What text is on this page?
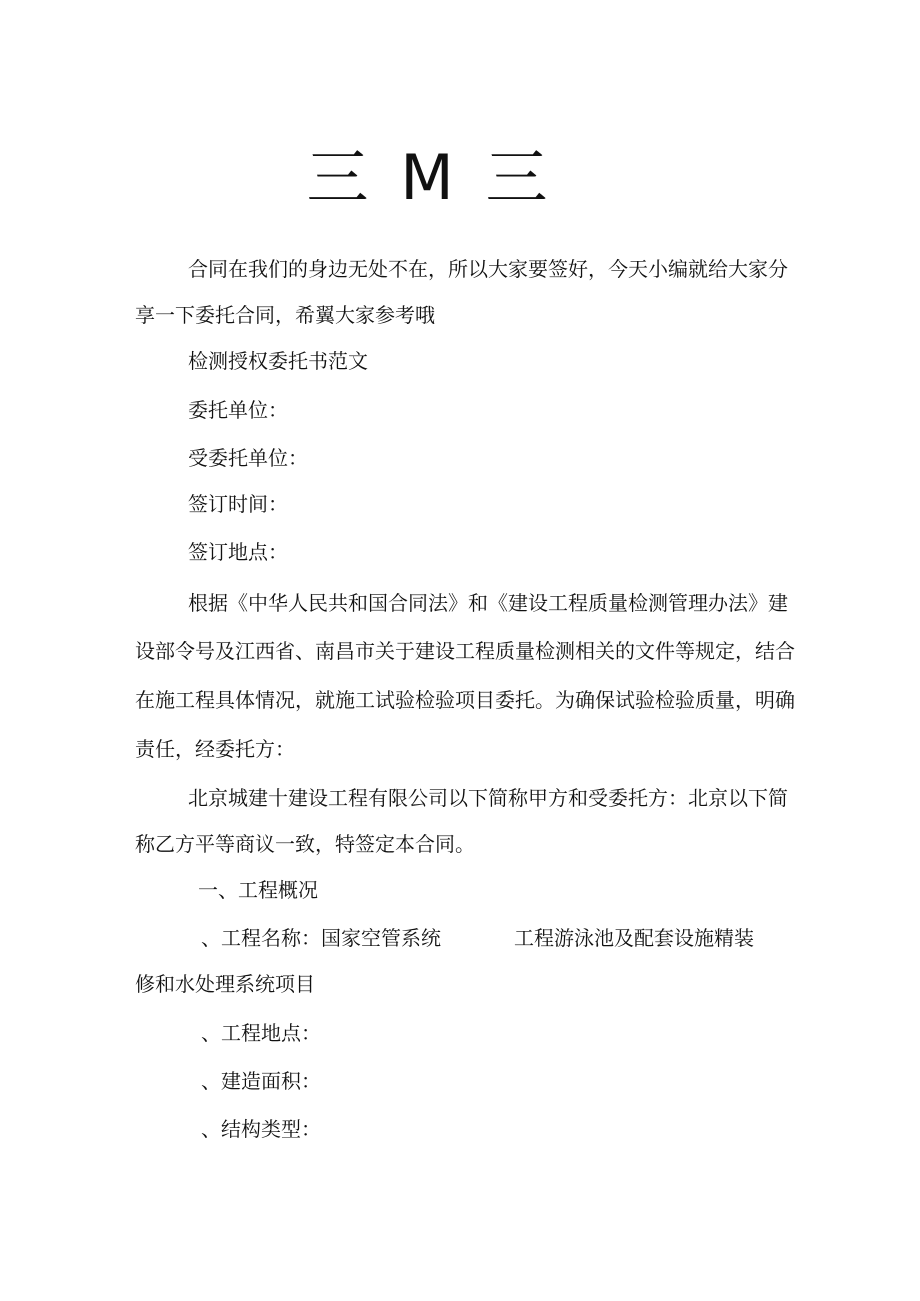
三 M 三
合同在我们的身边无处不在，所以大家要签好，今天小编就给大家分
享一下委托合同，希翼大家参考哦
检测授权委托书范文
委托单位：
受委托单位：
签订时间：
签订地点：
根据《中华人民共和国合同法》和《建设工程质量检测管理办法》建
设部令号及江西省、南昌市关于建设工程质量检测相关的文件等规定，结合
在施工程具体情况，就施工试验检验项目委托。为确保试验检验质量，明确
责任，经委托方：
北京城建十建设工程有限公司以下简称甲方和受委托方：北京以下简
称乙方平等商议一致，特签定本合同。
一、工程概况
、工程名称：国家空管系统	工程游泳池及配套设施精装
修和水处理系统项目
、工程地点：
、建造面积：
、结构类型：
